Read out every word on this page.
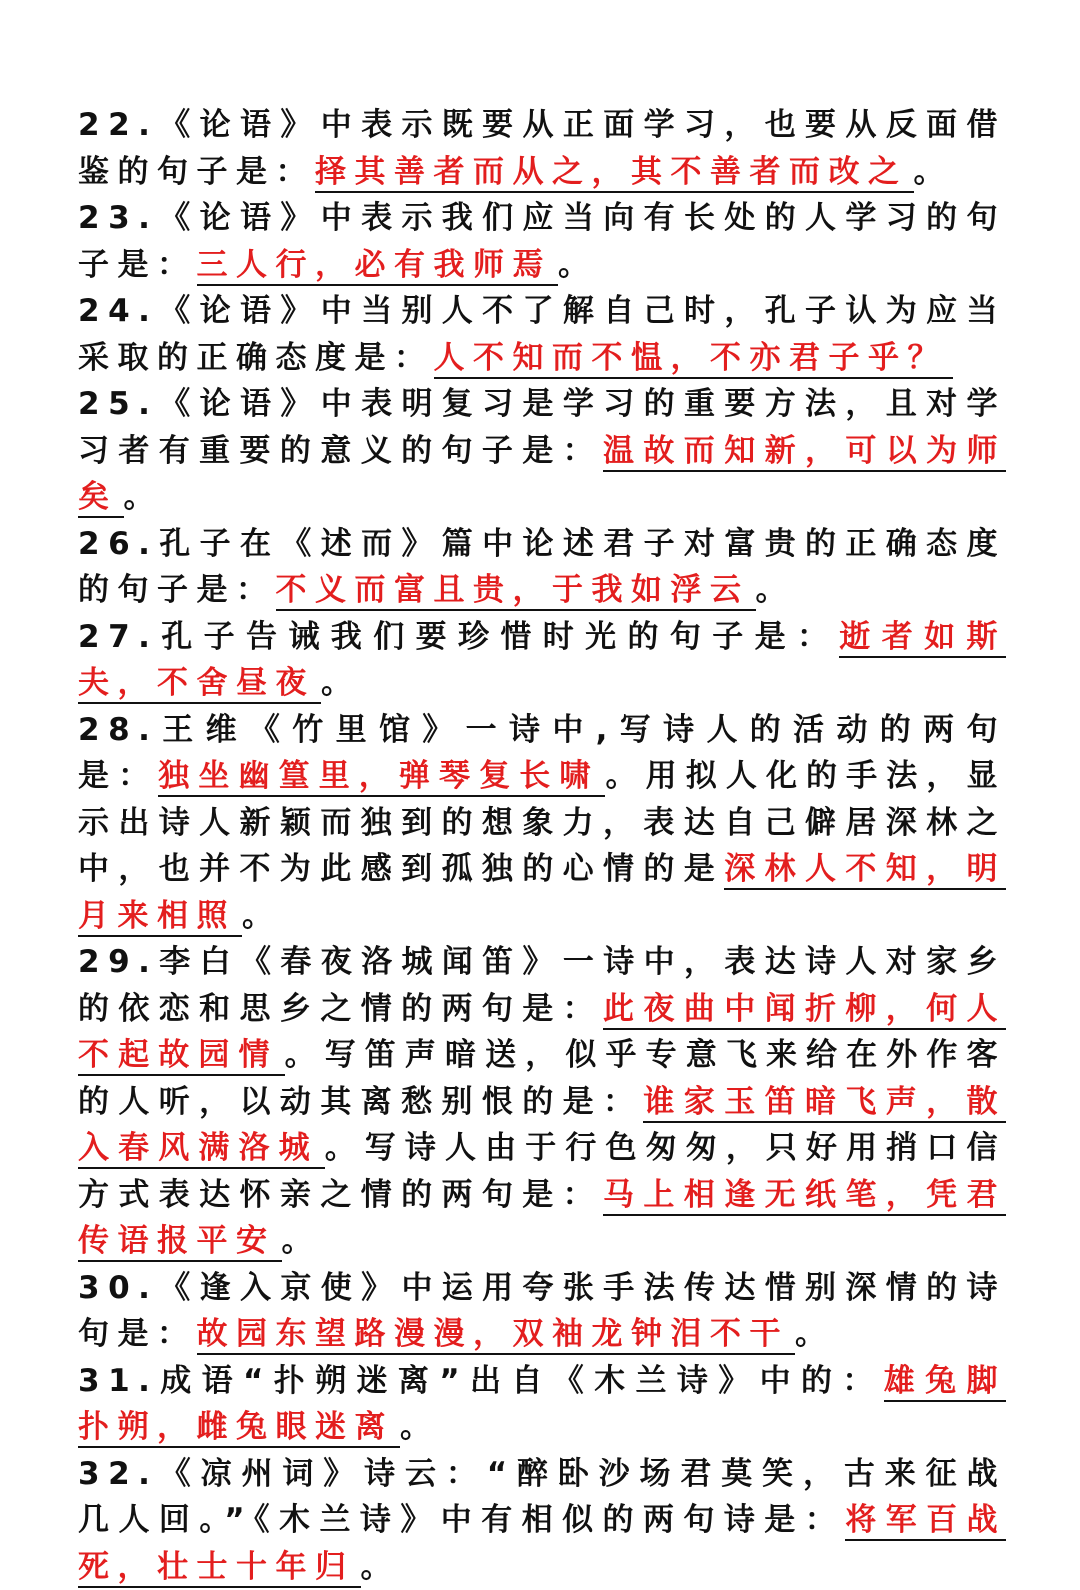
22.《论语》中表示既要从正面学习，也要从反面借鉴的句子是：择其善者而从之，其不善者而改之 。

23.《论语》中表示我们应当向有长处的人学习的句子是：三人行，必有我师焉 。

24.《论语》中当别人不了解自己时，孔子认为应当采取的正确态度是：人不知而不愠，不亦君子乎？

25.《论语》中表明复习是学习的重要方法，且对学习者有重要的意义的句子是：温故而知新，可以为师矣 。

26.孔子在《述而》篇中论述君子对富贵的正确态度的句子是：不义而富且贵，于我如浮云 。

27.孔子告诫我们要珍惜时光的句子是：逝者如斯夫，不舍昼夜 。

28.王维《竹里馆》一诗中,写诗人的活动的两句是：独坐幽篁里，弹琴复长啸 。用拟人化的手法，显示出诗人新颖而独到的想象力，表达自己僻居深林之中，也并不为此感到孤独的心情的是深林人不知，明月来相照 。

29.李白《春夜洛城闻笛》一诗中，表达诗人对家乡的依恋和思乡之情的两句是：此夜曲中闻折柳，何人不起故园情 。写笛声暗送，似乎专意飞来给在外作客的人听，以动其离愁别恨的是：谁家玉笛暗飞声，散入春风满洛城 。写诗人由于行色匆匆，只好用捎口信方式表达怀亲之情的两句是：马上相逢无纸笔，凭君传语报平安 。

30.《逢入京使》中运用夸张手法传达惜别深情的诗句是：故园东望路漫漫，双袖龙钟泪不干 。

31.成语“扑朔迷离”出自《木兰诗》中的：雄兔脚扑朔，雌兔眼迷离 。

32.《凉州词》诗云：“醉卧沙场君莫笑，古来征战几人回。”《木兰诗》中有相似的两句诗是：将军百战死，壮士十年归 。
